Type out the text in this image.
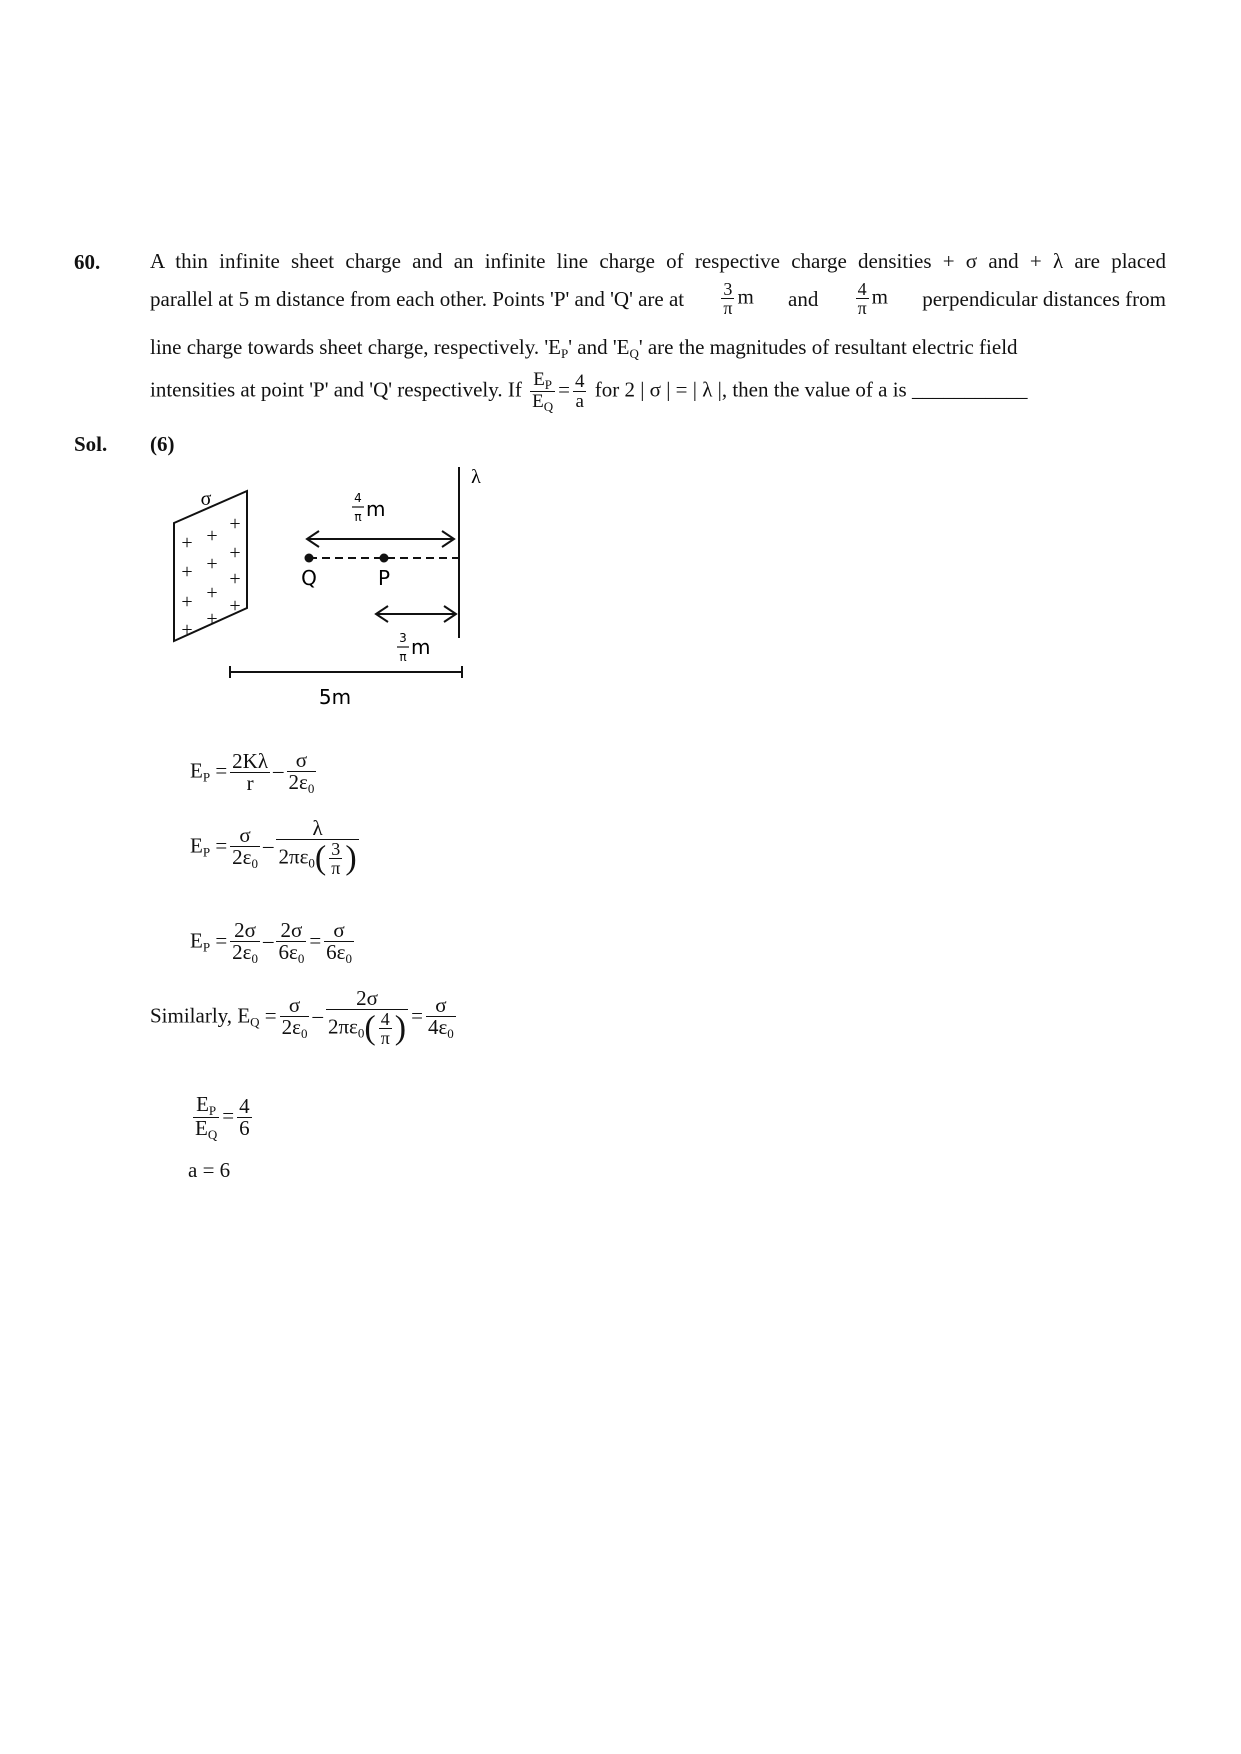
60. A thin infinite sheet charge and an infinite line charge of respective charge densities + σ and + λ are placed
parallel at 5 m distance from each other. Points 'P' and 'Q' are at $\frac{3}{\pi}$ m and $\frac{4}{\pi}$ m perpendicular distances from
line charge towards sheet charge, respectively. '$E_P$' and '$E_Q$' are the magnitudes of resultant electric field
intensities at point 'P' and 'Q' respectively. If $\frac{E_P}{E_Q} = \frac{4}{a}$ for 2 | σ | = | λ |, then the value of a is ___________
Sol. (6)
σ
+
+
+ +
+
+ +
+
+ +
+
+
λ
4
π m
Q	P
3
π m
5m
$E_P = \frac{2K\lambda}{r} - \frac{\sigma}{2\varepsilon_0}$
$E_P = \frac{\sigma}{2\varepsilon_0} - \frac{\lambda}{2\pi\varepsilon_0( \frac{3}{\pi} )}$
$E_P = \frac{2\sigma}{2\varepsilon_0} - \frac{2\sigma}{6\varepsilon_0} = \frac{\sigma}{6\varepsilon_0}$
Similarly, $E_Q = \frac{\sigma}{2\varepsilon_0} - \frac{2\sigma}{2\pi\varepsilon_0( \frac{4}{\pi} )} = \frac{\sigma}{4\varepsilon_0}$
$\frac{E_P}{E_Q} = \frac{4}{6}$
a = 6
